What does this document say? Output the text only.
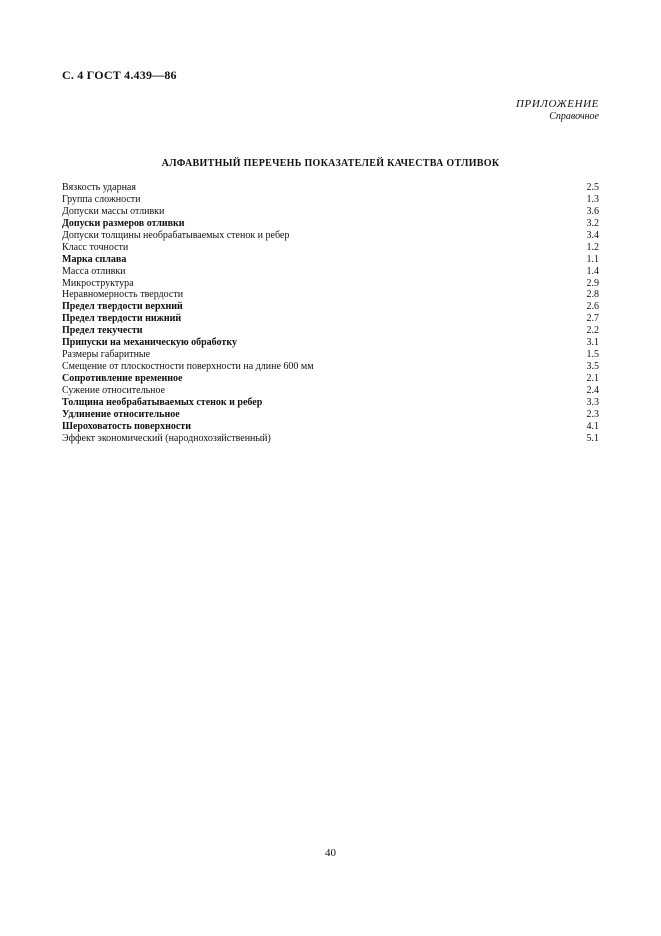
С. 4 ГОСТ 4.439—86
ПРИЛОЖЕНИЕ
Справочное
АЛФАВИТНЫЙ ПЕРЕЧЕНЬ ПОКАЗАТЕЛЕЙ КАЧЕСТВА ОТЛИВОК
Вязкость ударная	2.5
Группа сложности	1.3
Допуски массы отливки	3.6
Допуски размеров отливки	3.2
Допуски толщины необрабатываемых стенок и ребер	3.4
Класс точности	1.2
Марка сплава	1.1
Масса отливки	1.4
Микроструктура	2.9
Неравномерность твердости	2.8
Предел твердости верхний	2.6
Предел твердости нижний	2.7
Предел текучести	2.2
Припуски на механическую обработку	3.1
Размеры габаритные	1.5
Смещение от плоскостности поверхности на длине 600 мм	3.5
Сопротивление временное	2.1
Сужение относительное	2.4
Толщина необрабатываемых стенок и ребер	3.3
Удлинение относительное	2.3
Шероховатость поверхности	4.1
Эффект экономический (народнохозяйственный)	5.1
40
